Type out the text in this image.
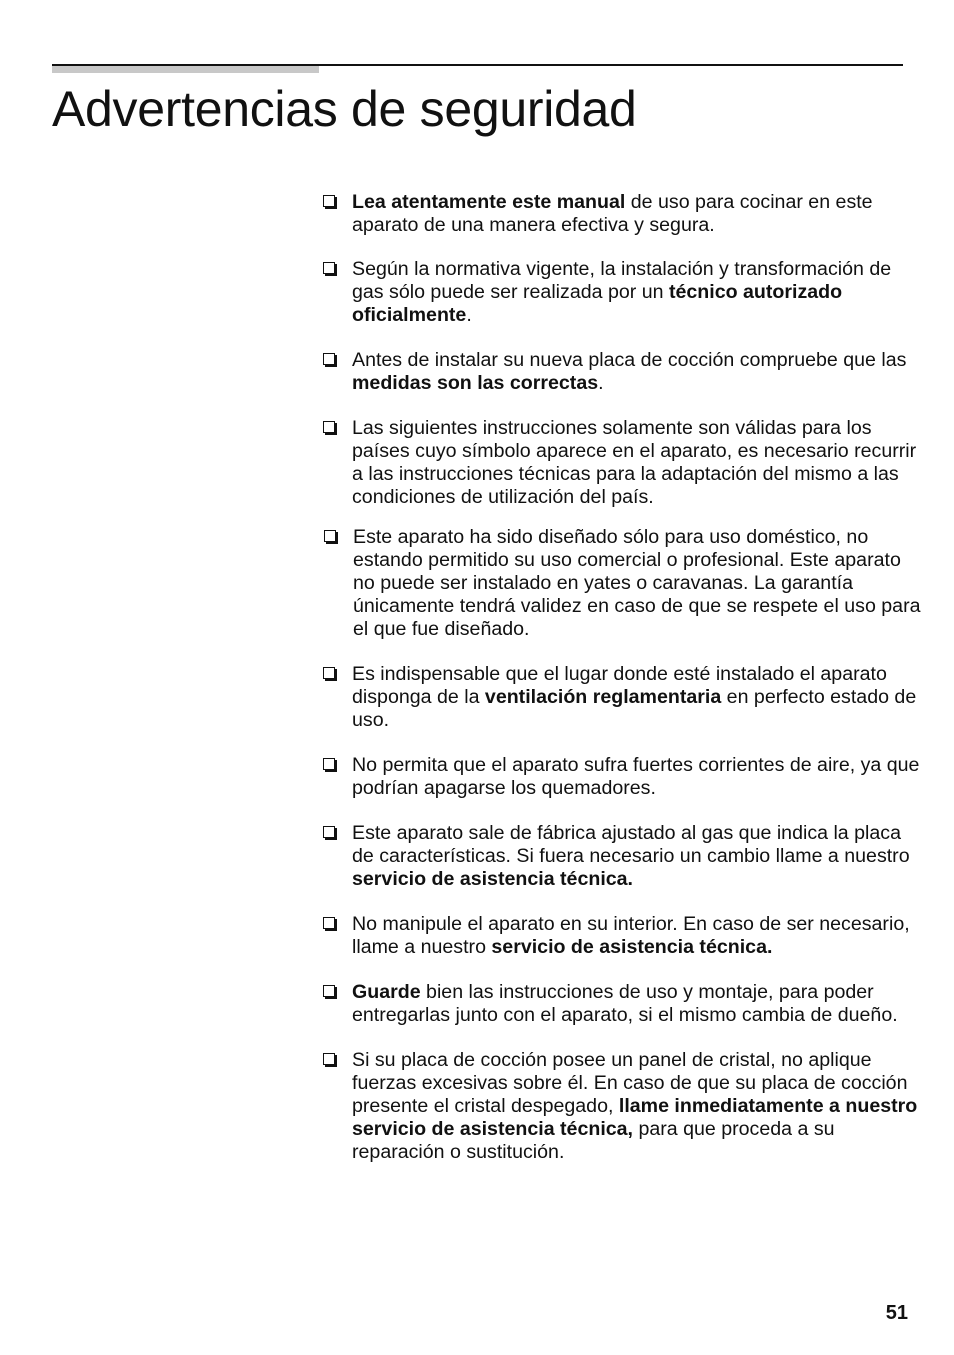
Advertencias de seguridad
Lea atentamente este manual de uso para cocinar en este aparato de una manera efectiva y segura.
Según la normativa vigente, la instalación y transformación de gas sólo puede ser realizada por un técnico autorizado oficialmente.
Antes de instalar su nueva placa de cocción compruebe que las medidas son las correctas.
Las siguientes instrucciones solamente son válidas para los países cuyo símbolo aparece en el aparato, es necesario recurrir a las instrucciones técnicas para la adaptación del mismo a las condiciones de utilización del país.
Este aparato ha sido diseñado sólo para uso doméstico, no estando permitido su uso comercial o profesional. Este aparato no puede ser instalado en yates o caravanas. La garantía únicamente tendrá validez en caso de que se respete el uso para el que fue diseñado.
Es indispensable que el lugar donde esté instalado el aparato disponga de la ventilación reglamentaria en perfecto estado de uso.
No permita que el aparato sufra fuertes corrientes de aire, ya que podrían apagarse los quemadores.
Este aparato sale de fábrica ajustado al gas que indica la placa de características. Si fuera necesario un cambio llame a nuestro servicio de asistencia técnica.
No manipule el aparato en su interior. En caso de ser necesario, llame a nuestro servicio de asistencia técnica.
Guarde bien las instrucciones de uso y montaje, para poder entregarlas junto con el aparato, si el mismo cambia de dueño.
Si su placa de cocción posee un panel de cristal, no aplique fuerzas excesivas sobre él. En caso de que su placa de cocción presente el cristal despegado, llame inmediatamente a nuestro servicio de asistencia técnica, para que proceda a su reparación o sustitución.
51
